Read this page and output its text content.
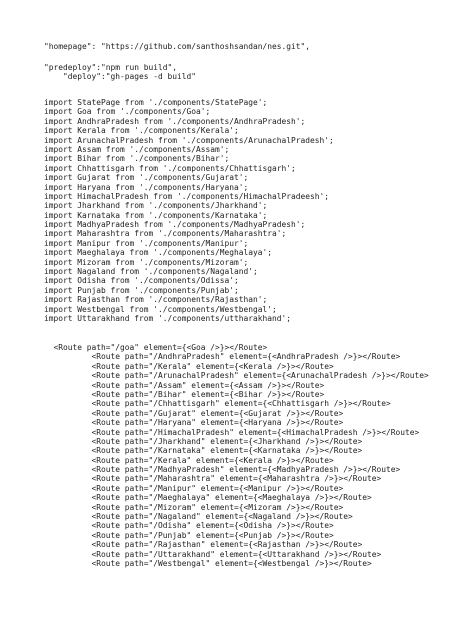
"homepage": "https://github.com/santhoshsandan/nes.git",
"predeploy":"npm run build",
"deploy":"gh-pages -d build"
import StatePage from './components/StatePage';
import Goa from './components/Goa';
import AndhraPradesh from './components/AndhraPradesh';
import Kerala from './components/Kerala';
import ArunachalPradesh from './components/ArunachalPradesh';
import Assam from './components/Assam';
import Bihar from './components/Bihar';
import Chhattisgarh from './components/Chhattisgarh';
import Gujarat from './components/Gujarat';
import Haryana from './components/Haryana';
import HimachalPradesh from './components/HimachalPradeesh';
import Jharkhand from './components/Jharkhand';
import Karnataka from './components/Karnataka';
import MadhyaPradesh from './components/MadhyaPradesh';
import Maharashtra from './components/Maharashtra';
import Manipur from './components/Manipur';
import Maeghalaya from './components/Meghalaya';
import Mizoram from './components/Mizoram';
import Nagaland from './components/Nagaland';
import Odisha from './components/Odissa';
import Punjab from './components/Punjab';
import Rajasthan from './components/Rajasthan';
import Westbengal from './components/Westbengal';
import Uttarakhand from './components/uttharakhand';
<Route path="/goa" element={<Goa />}></Route>
<Route path="/AndhraPradesh" element={<AndhraPradesh />}></Route>
<Route path="/Kerala" element={<Kerala />}></Route>
<Route path="/ArunachalPradesh" element={<ArunachalPradesh />}></Route>
<Route path="/Assam" element={<Assam />}></Route>
<Route path="/Bihar" element={<Bihar />}></Route>
<Route path="/Chhattisgarh" element={<Chhattisgarh />}></Route>
<Route path="/Gujarat" element={<Gujarat />}></Route>
<Route path="/Haryana" element={<Haryana />}></Route>
<Route path="/HimachalPradesh" element={<HimachalPradesh />}></Route>
<Route path="/Jharkhand" element={<Jharkhand />}></Route>
<Route path="/Karnataka" element={<Karnataka />}></Route>
<Route path="/Kerala" element={<Kerala />}></Route>
<Route path="/MadhyaPradesh" element={<MadhyaPradesh />}></Route>
<Route path="/Maharashtra" element={<Maharashtra />}></Route>
<Route path="/Manipur" element={<Manipur />}></Route>
<Route path="/Maeghalaya" element={<Maeghalaya />}></Route>
<Route path="/Mizoram" element={<Mizoram />}></Route>
<Route path="/Nagaland" element={<Nagaland />}></Route>
<Route path="/Odisha" element={<Odisha />}></Route>
<Route path="/Punjab" element={<Punjab />}></Route>
<Route path="/Rajasthan" element={<Rajasthan />}></Route>
<Route path="/Uttarakhand" element={<Uttarakhand />}></Route>
<Route path="/Westbengal" element={<Westbengal />}></Route>
